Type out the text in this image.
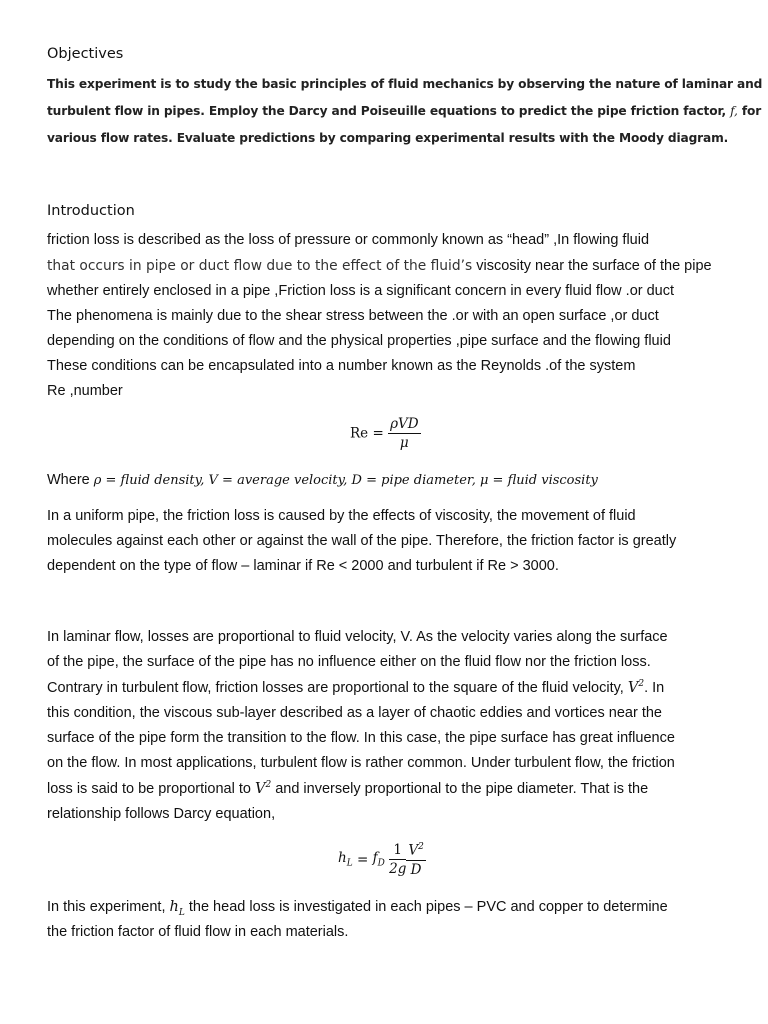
Objectives
This experiment is to study the basic principles of fluid mechanics by observing the nature of laminar and
turbulent flow in pipes. Employ the Darcy and Poiseuille equations to predict the pipe friction factor, f, for
various flow rates. Evaluate predictions by comparing experimental results with the Moody diagram.
Introduction
friction loss is described as the loss of pressure or commonly known as “head” ,In flowing fluid
that occurs in pipe or duct flow due to the effect of the fluid’s viscosity near the surface of the pipe
whether entirely enclosed in a pipe ,Friction loss is a significant concern in every fluid flow .or duct
The phenomena is mainly due to the shear stress between the .or with an open surface ,or duct
depending on the conditions of flow and the physical properties ,pipe surface and the flowing fluid
These conditions can be encapsulated into a number known as the Reynolds .of the system
Re ,number
$Re = \frac{\text{ρVD}}{\mu}$
Where ρ = fluid density, V = average velocity, D = pipe diameter, μ = fluid viscosity
In a uniform pipe, the friction loss is caused by the effects of viscosity, the movement of fluid
molecules against each other or against the wall of the pipe. Therefore, the friction factor is greatly
dependent on the type of flow – laminar if Re < 2000 and turbulent if Re > 3000.
In laminar flow, losses are proportional to fluid velocity, V. As the velocity varies along the surface
of the pipe, the surface of the pipe has no influence either on the fluid flow nor the friction loss.
Contrary in turbulent flow, friction losses are proportional to the square of the fluid velocity, $V^2$. In
this condition, the viscous sub-layer described as a layer of chaotic eddies and vortices near the
surface of the pipe form the transition to the flow. In this case, the pipe surface has great influence
on the flow. In most applications, turbulent flow is rather common. Under turbulent flow, the friction
loss is said to be proportional to $V^2$ and inversely proportional to the pipe diameter. That is the
relationship follows Darcy equation,
$h_L = f_D \frac{1}{2g} \frac{V^2}{D}$
In this experiment, $h_L$ the head loss is investigated in each pipes – PVC and copper to determine
the friction factor of fluid flow in each materials.
